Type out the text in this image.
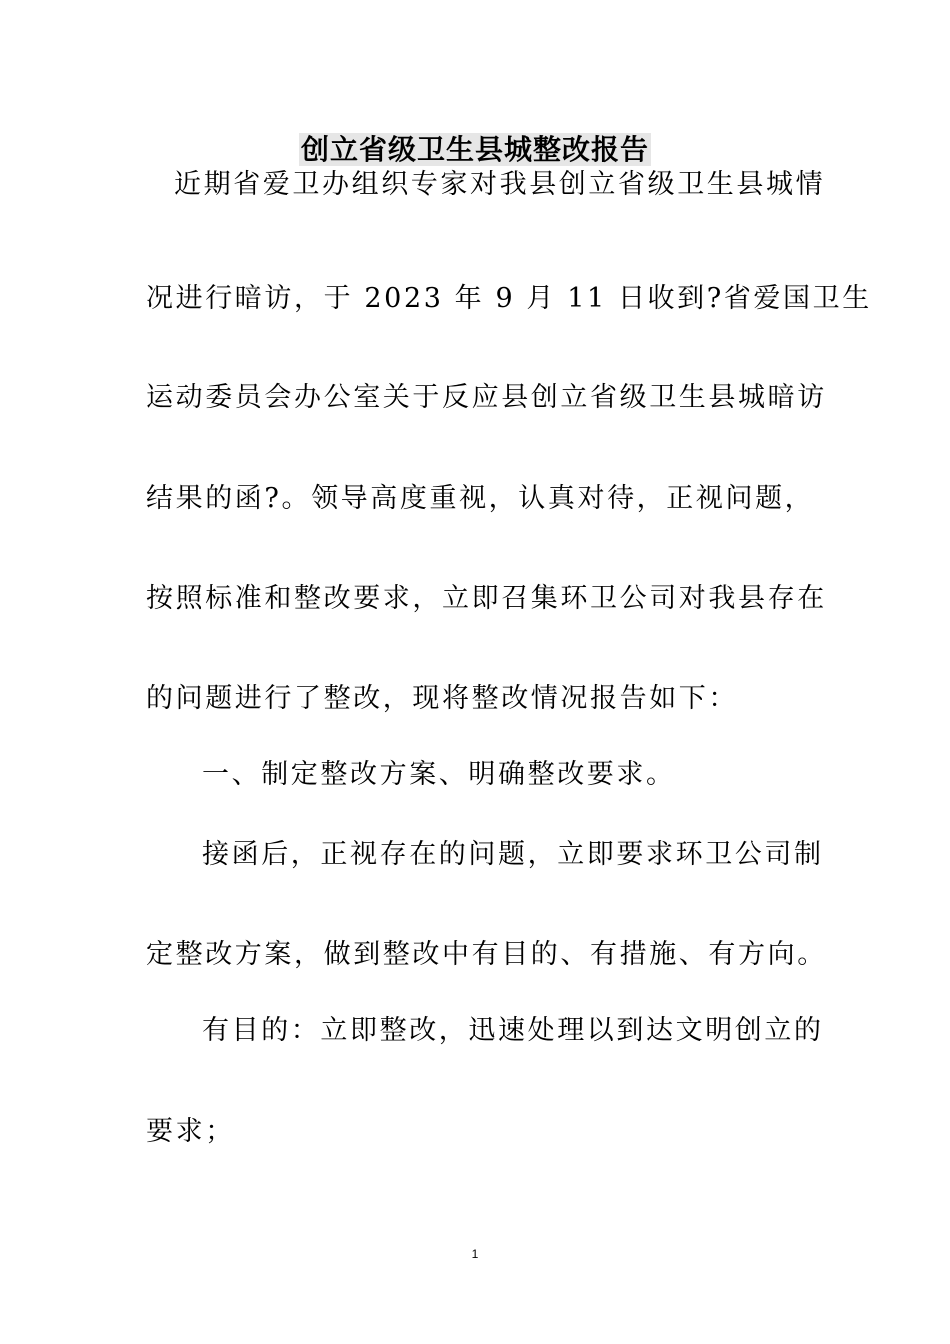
创立省级卫生县城整改报告
近期省爱卫办组织专家对我县创立省级卫生县城情
况进行暗访，于 2023 年 9 月 11 日收到?省爱国卫生
运动委员会办公室关于反应县创立省级卫生县城暗访
结果的函?。领导高度重视，认真对待，正视问题，
按照标准和整改要求，立即召集环卫公司对我县存在
的问题进行了整改，现将整改情况报告如下：
一、制定整改方案、明确整改要求。
接函后，正视存在的问题，立即要求环卫公司制
定整改方案，做到整改中有目的、有措施、有方向。
有目的：立即整改，迅速处理以到达文明创立的
要求；
1
